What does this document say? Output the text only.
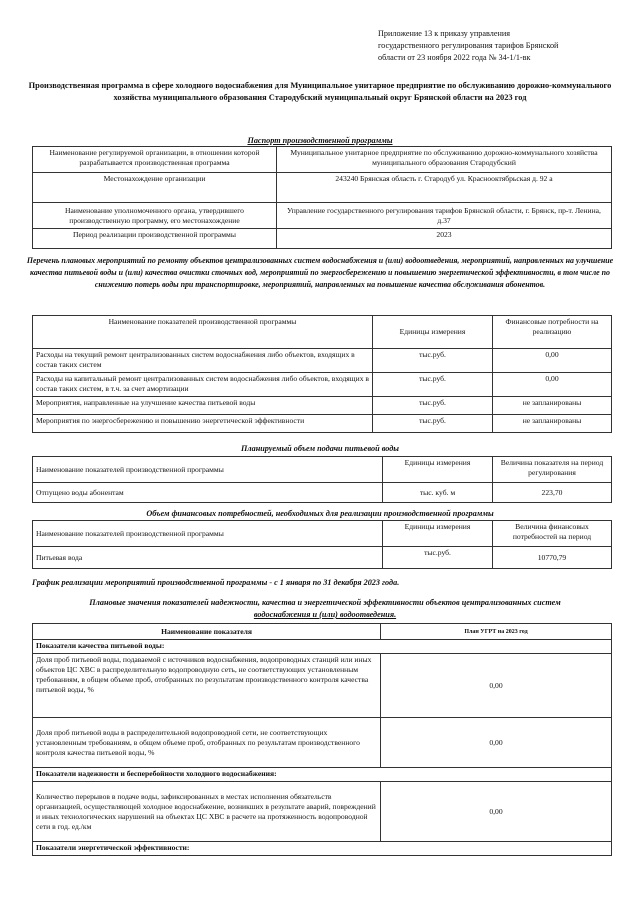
Приложение 13 к приказу управления
государственного регулирования тарифов Брянской
области от 23 ноября 2022 года № 34-1/1-вк
Производственная программа в сфере холодного водоснабжения для Муниципальное унитарное предприятие по обслуживанию дорожно-коммунального хозяйства муниципального образования Стародубский муниципальный округ Брянской области на 2023 год
Паспорт производственной программы
Наименование регулируемой организации, в отношении которой разрабатывается производственная программа	Муниципальное унитарное предприятие по обслуживанию дорожно-коммунального хозяйства муниципального образования Стародубский
Местонахождение организации	243240 Брянская область г. Стародуб ул. Краснооктябрьская д. 92 а
Наименование уполномоченного органа, утвердившего производственную программу, его местонахождение	Управление государственного регулирования тарифов Брянской области, г. Брянск, пр-т. Ленина, д.37
Период реализации производственной программы	2023
Перечень плановых мероприятий по ремонту объектов централизованных систем водоснабжения и (или) водоотведения, мероприятий, направленных на улучшение качества питьевой воды и (или) качества очистки сточных вод, мероприятий по энергосбережению и повышению энергетической эффективности, в том числе по снижению потерь воды при транспортировке, мероприятий, направленных на повышение качества обслуживания абонентов.
Наименование показателей производственной программы	Единицы измерения	Финансовые потребности на реализацию
Расходы на текущий ремонт централизованных систем водоснабжения либо объектов, входящих в состав таких систем	тыс.руб.	0,00
Расходы на капитальный ремонт централизованных систем водоснабжения либо объектов, входящих в состав таких систем, в т.ч. за счет амортизации	тыс.руб.	0,00
Мероприятия, направленные на улучшение качества питьевой воды	тыс.руб.	не запланированы
Мероприятия по энергосбережению и повышению энергетической эффективности	тыс.руб.	не запланированы
Планируемый объем подачи питьевой воды
Наименование показателей производственной программы	Единицы измерения	Величина показателя на период регулирования
Отпущено воды абонентам	тыс. куб. м	223,70
Объем финансовых потребностей, необходимых для реализации производственной программы
Наименование показателей производственной программы	Единицы измерения	Величина финансовых потребностей на период
Питьевая вода	тыс.руб.	10770,79
График реализации мероприятий производственной программы - с 1 января по 31 декабря 2023 года.
Плановые значения показателей надежности, качества и энергетической эффективности объектов централизованных систем
водоснабжения и (или) водоотведения.
Наименование показателя	План УГРТ на 2023 год
Показатели качества питьевой воды:	
Доля проб питьевой воды, подаваемой с источников водоснабжения, водопроводных станций или иных объектов ЦС ХВС в распределительную водопроводную сеть, не соответствующих установленным требованиям, в общем объеме проб, отобранных по результатам производственного контроля качества питьевой воды, %	0,00
Доля проб питьевой воды в распределительной водопроводной сети, не соответствующих установленным требованиям, в общем объеме проб, отобранных по результатам производственного контроля качества питьевой воды, %	0,00
Показатели надежности и бесперебойности холодного водоснабжения:	
Количество перерывов в подаче воды, зафиксированных в местах исполнения обязательств организацией, осуществляющей холодное водоснабжение, возникших в результате аварий, повреждений и иных технологических нарушений на объектах ЦС ХВС в расчете на протяженность водопроводной сети в год. ед./км	0,00
Показатели энергетической эффективности:	
